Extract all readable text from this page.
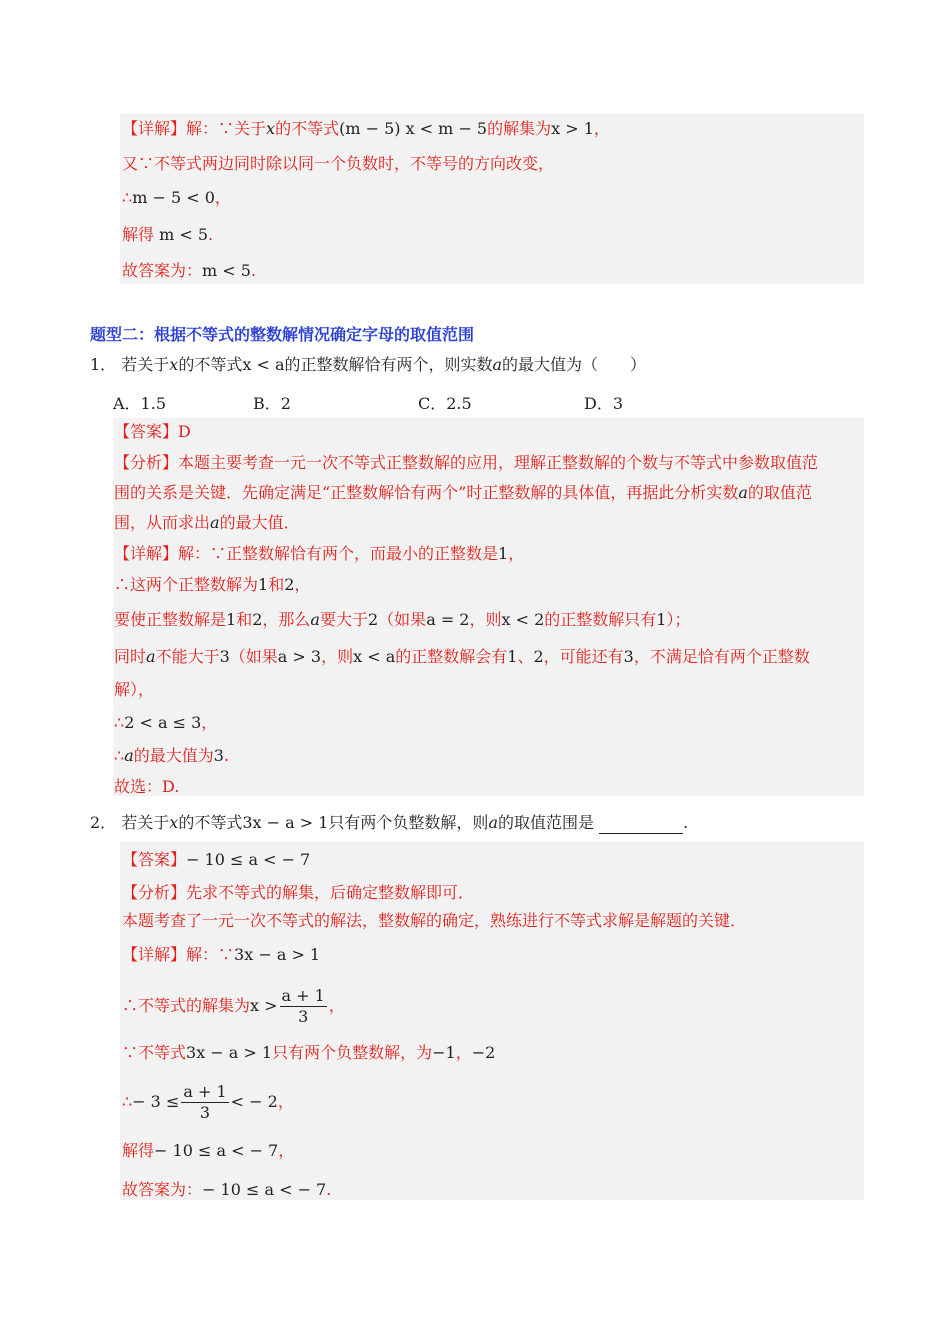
【详解】解：∵关于x的不等式(m − 5) x < m − 5的解集为x > 1，
又∵不等式两边同时除以同一个负数时，不等号的方向改变，
∴m − 5 < 0，
解得 m < 5.
故答案为：m < 5.
题型二：根据不等式的整数解情况确定字母的取值范围
1． 若关于x的不等式x < a的正整数解恰有两个，则实数a的最大值为（　　）
A．1.5	B．2	C．2.5	D．3
【答案】D
【分析】本题主要考查一元一次不等式正整数解的应用，理解正整数解的个数与不等式中参数取值范
围的关系是关键．先确定满足“正整数解恰有两个”时正整数解的具体值，再据此分析实数a的取值范
围，从而求出a的最大值．
【详解】解：∵正整数解恰有两个，而最小的正整数是1，
∴这两个正整数解为1和2，
要使正整数解是1和2，那么a要大于2（如果a = 2，则x < 2的正整数解只有1）；
同时a不能大于3（如果a > 3，则x < a的正整数解会有1、2，可能还有3，不满足恰有两个正整数
解），
∴2 < a ≤ 3，
∴a的最大值为3.
故选：D.
2． 若关于x的不等式3x − a > 1只有两个负整数解，则a的取值范围是	.
【答案】− 10 ≤ a < − 7
【分析】先求不等式的解集，后确定整数解即可．
本题考查了一元一次不等式的解法，整数解的确定，熟练进行不等式求解是解题的关键．
【详解】解：∵3x − a > 1
∴不等式的解集为$x > \frac{a + 1}{3}$ ，
∵不等式3x − a > 1只有两个负整数解，为−1，−2
∴− $3 \le \frac{a + 1}{3}$ < − 2，
解得− 10 ≤ a < − 7，
故答案为：− 10 ≤ a < − 7.
